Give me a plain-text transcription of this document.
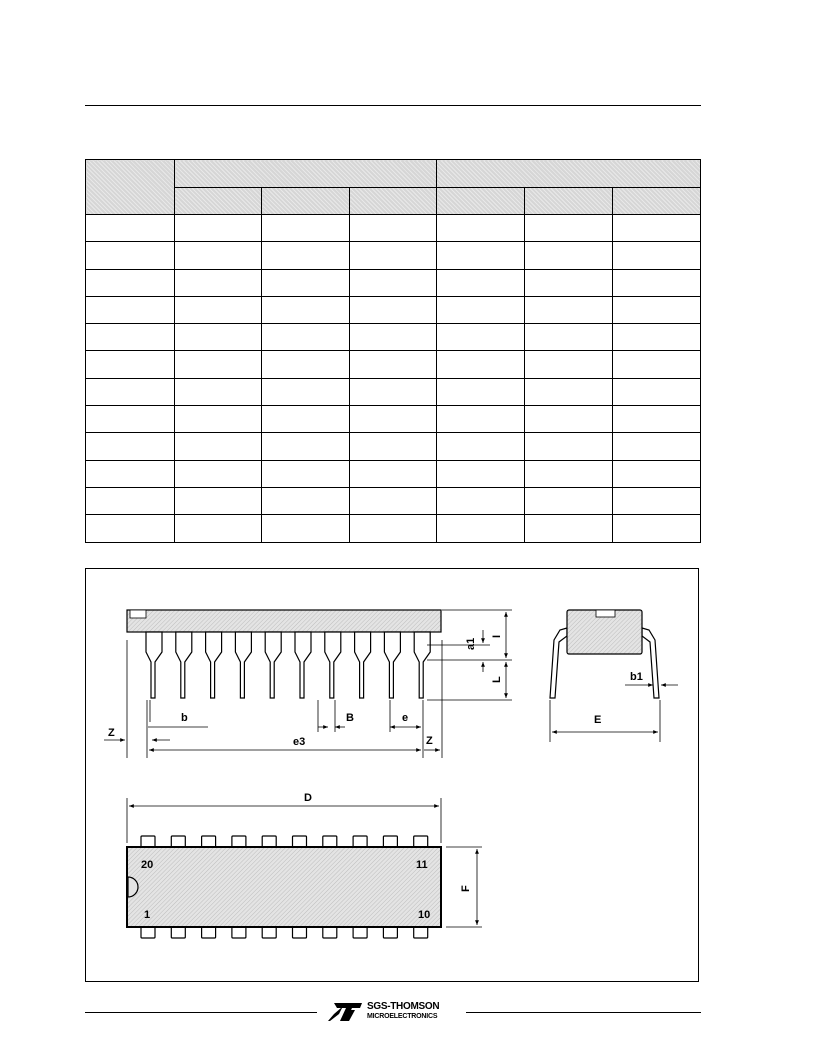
Z
b	B	e
e3	Z
a1
I
L
E
b1
20	11
1	10
D
F
SGS-THOMSON
MICROELECTRONICS
